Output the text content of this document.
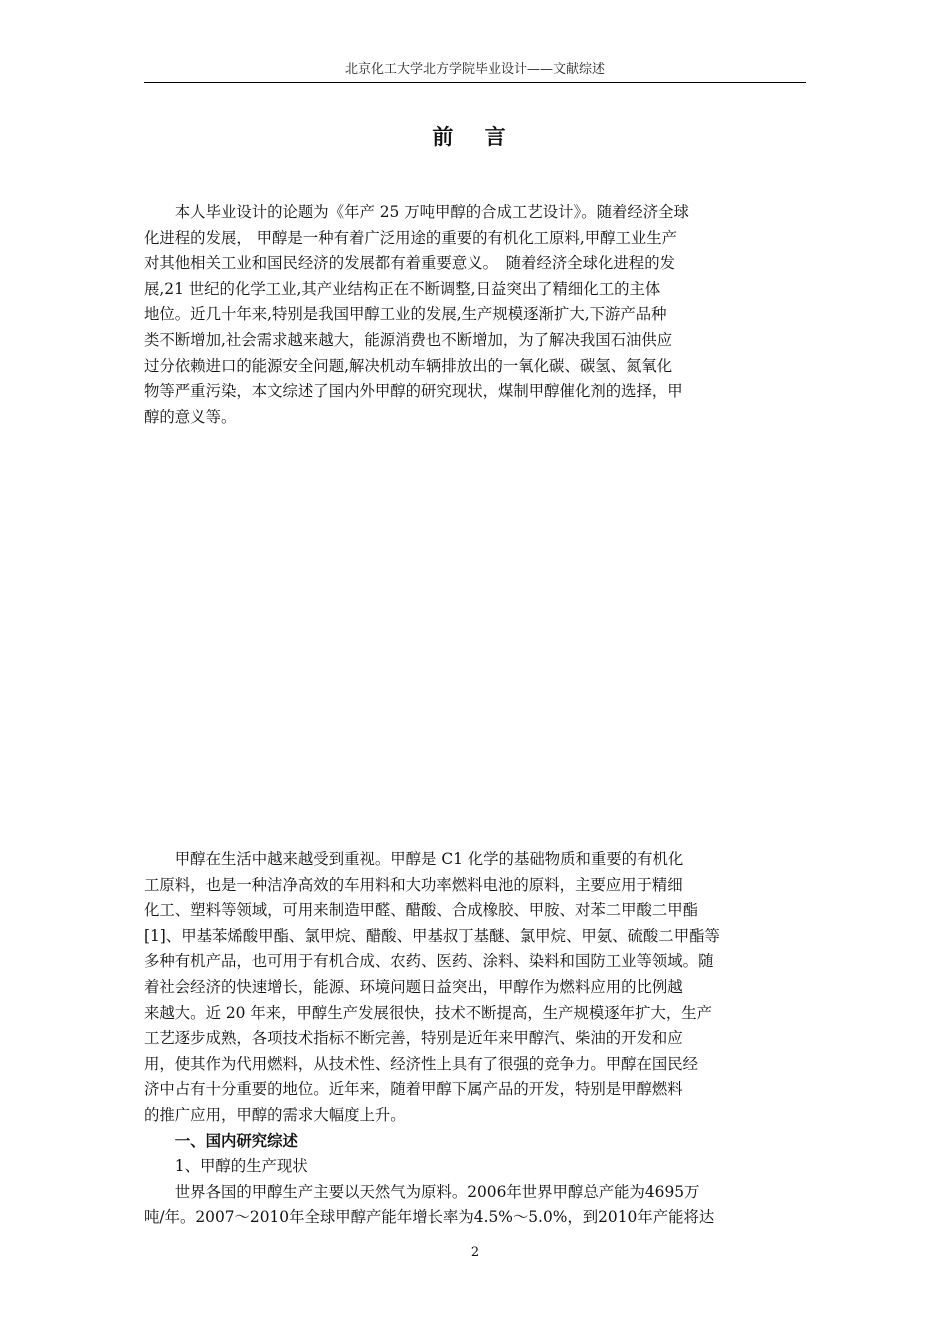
北京化工大学北方学院毕业设计——文献综述
前 言
　　本人毕业设计的论题为《年产 25 万吨甲醇的合成工艺设计》。随着经济全球
化进程的发展， 甲醇是一种有着广泛用途的重要的有机化工原料,甲醇工业生产
对其他相关工业和国民经济的发展都有着重要意义。　随着经济全球化进程的发
展,21 世纪的化学工业,其产业结构正在不断调整,日益突出了精细化工的主体
地位。近几十年来,特别是我国甲醇工业的发展,生产规模逐渐扩大,下游产品种
类不断增加,社会需求越来越大，能源消费也不断增加，为了解决我国石油供应
过分依赖进口的能源安全问题,解决机动车辆排放出的一氧化碳、碳氢、氮氧化
物等严重污染，本文综述了国内外甲醇的研究现状，煤制甲醇催化剂的选择，甲
醇的意义等。
　　甲醇在生活中越来越受到重视。甲醇是 C1 化学的基础物质和重要的有机化
工原料，也是一种洁净高效的车用料和大功率燃料电池的原料，主要应用于精细
化工、塑料等领域，可用来制造甲醛、醋酸、合成橡胶、甲胺、对苯二甲酸二甲酯
[1]、甲基苯烯酸甲酯、氯甲烷、醋酸、甲基叔丁基醚、氯甲烷、甲氨、硫酸二甲酯等
多种有机产品，也可用于有机合成、农药、医药、涂料、染料和国防工业等领域。随
着社会经济的快速增长，能源、环境问题日益突出，甲醇作为燃料应用的比例越
来越大。近 20 年来，甲醇生产发展很快，技术不断提高，生产规模逐年扩大，生产
工艺逐步成熟，各项技术指标不断完善，特别是近年来甲醇汽、柴油的开发和应
用，使其作为代用燃料，从技术性、经济性上具有了很强的竞争力。甲醇在国民经
济中占有十分重要的地位。近年来，随着甲醇下属产品的开发，特别是甲醇燃料
的推广应用，甲醇的需求大幅度上升。
　　一、国内研究综述
　　1、甲醇的生产现状
　　世界各国的甲醇生产主要以天然气为原料。2006年世界甲醇总产能为4695万
吨/年。2007～2010年全球甲醇产能年增长率为4.5%～5.0%，到2010年产能将达
2
